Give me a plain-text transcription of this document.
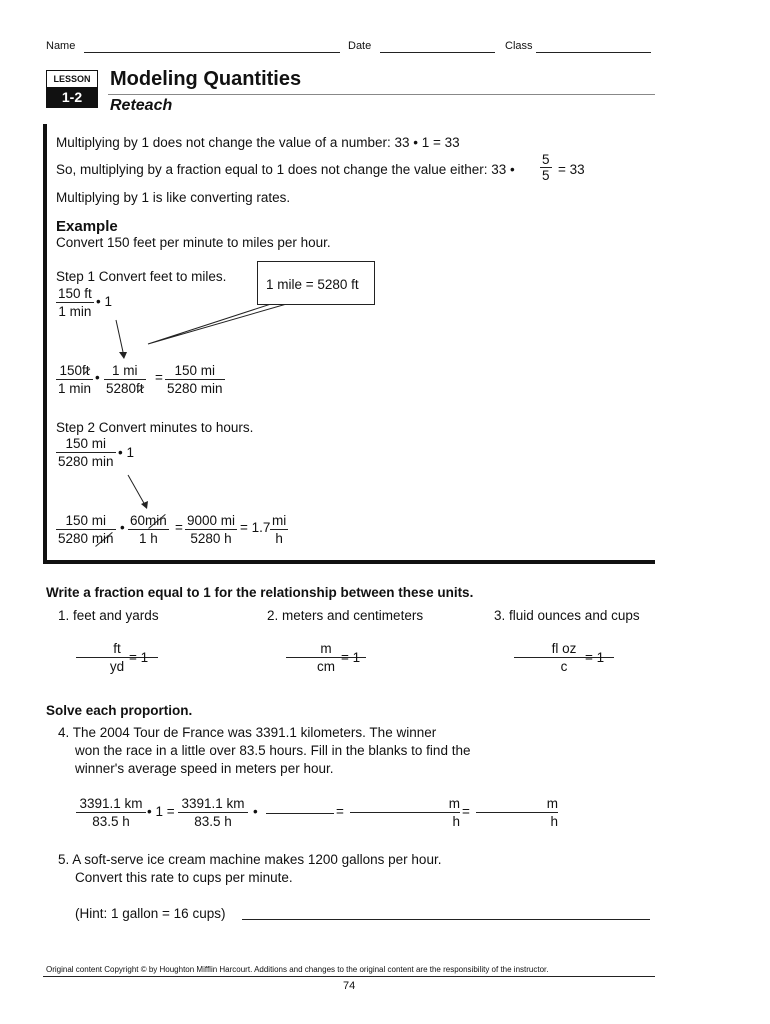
Name	Date	Class
LESSON
1-2
Modeling Quantities
Reteach
Multiplying by 1 does not change the value of a number: 33 • 1 = 33
So, multiplying by a fraction equal to 1 does not change the value either: 33 •
5
5 = 33
Multiplying by 1 is like converting rates.
Example
Convert 150 feet per minute to miles per hour.
Step 1 Convert feet to miles.
1 mile = 5280 ft
150 ft
1 min
• 1
150ft
1 min
• 1 mi
5280ft
= 150 mi
5280 min
Step 2 Convert minutes to hours.
150 mi
5280 min
• 1
150 mi
5280 min
• 60min
1 h
= 9000 mi
5280 h
= 1.7 mi
h
Write a fraction equal to 1 for the relationship between these units.
1. feet and yards	2. meters and centimeters	3. fluid ounces and cups
ft
yd
= 1
m
cm
= 1
fl oz
c
= 1
Solve each proportion.
4. The 2004 Tour de France was 3391.1 kilometers. The winner
won the race in a little over 83.5 hours. Fill in the blanks to find the
winner's average speed in meters per hour.
3391.1 km
83.5 h
• 1 =
3391.1 km
83.5 h
•	=
m
h
=
m
h
5. A soft-serve ice cream machine makes 1200 gallons per hour.
Convert this rate to cups per minute.
(Hint: 1 gallon = 16 cups)
Original content Copyright © by Houghton Mifflin Harcourt. Additions and changes to the original content are the responsibility of the instructor.
74
